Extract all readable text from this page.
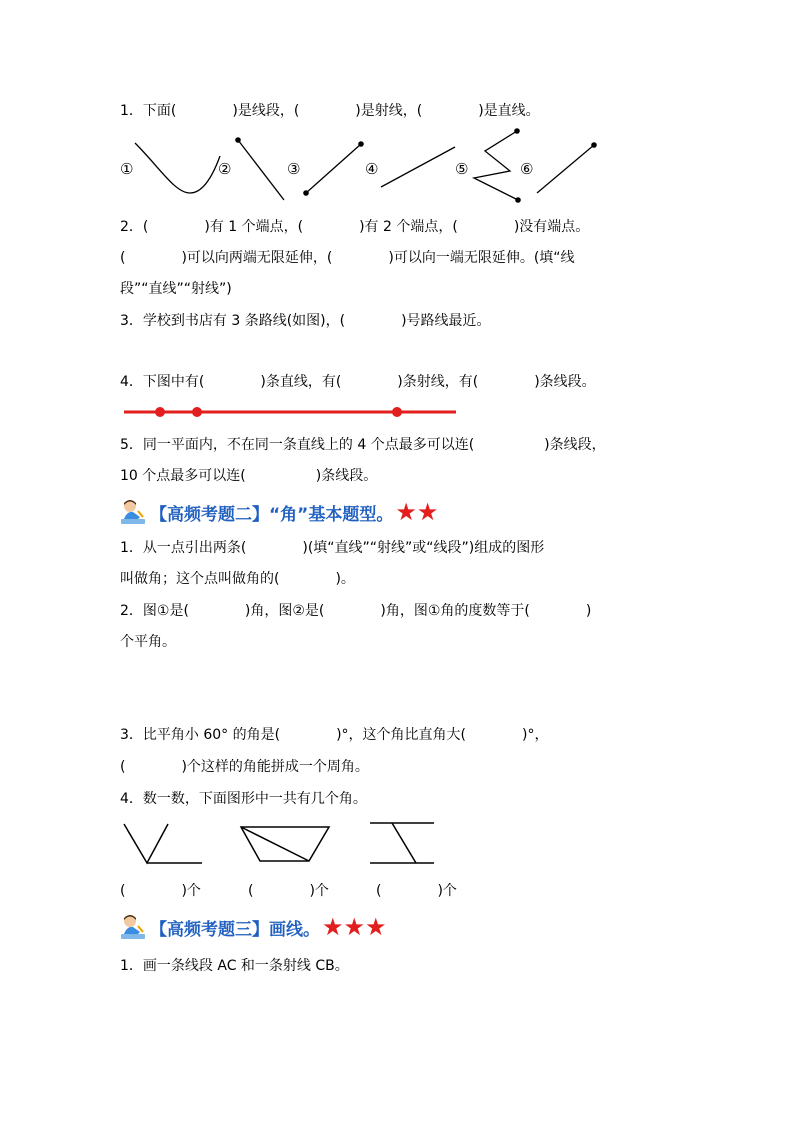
1．下面(　　　　)是线段，(　　　　)是射线，(　　　　)是直线。
①	②	③	④	⑤	⑥
2．(　　　　)有 1 个端点，(　　　　)有 2 个端点，(　　　　)没有端点。
(　　　　)可以向两端无限延伸，(　　　　)可以向一端无限延伸。(填“线
段”“直线”“射线”)
3．学校到书店有 3 条路线(如图)，(　　　　)号路线最近。
4．下图中有(　　　　)条直线，有(　　　　)条射线，有(　　　　)条线段。
5．同一平面内，不在同一条直线上的 4 个点最多可以连(　　　　　)条线段，
10 个点最多可以连(　　　　　)条线段。
【高频考题二】“角”基本题型。 ★ ★
1．从一点引出两条(　　　　)(填“直线”“射线”或“线段”)组成的图形
叫做角；这个点叫做角的(　　　　)。
2．图①是(　　　　)角，图②是(　　　　)角，图①角的度数等于(　　　　)
个平角。
3．比平角小 60° 的角是(　　　　)°，这个角比直角大(　　　　)°，
(　　　　)个这样的角能拼成一个周角。
4．数一数，下面图形中一共有几个角。
(　　　　)个	(　　　　)个	(　　　　)个
【高频考题三】画线。 ★ ★ ★
1．画一条线段 AC 和一条射线 CB。
